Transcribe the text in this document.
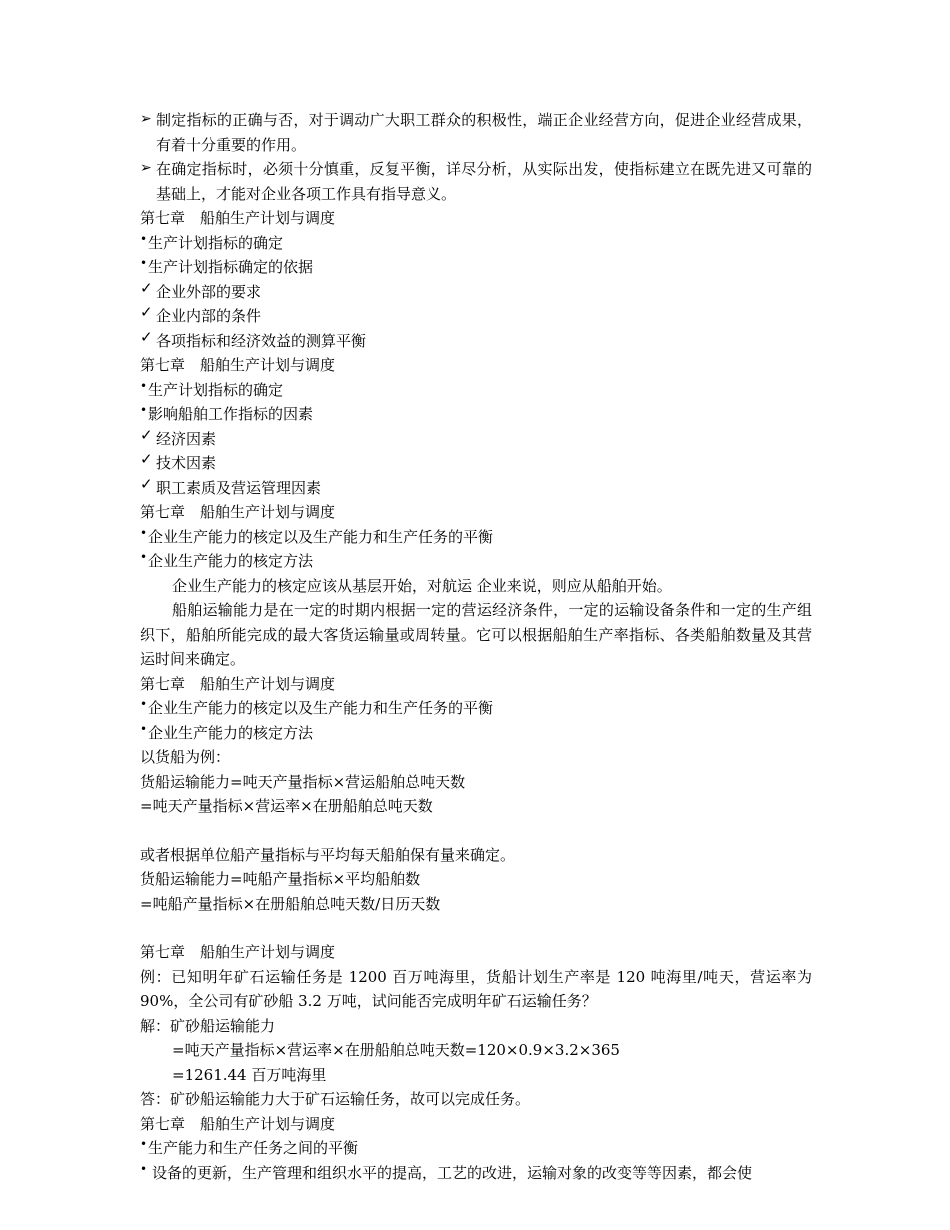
➢ 制定指标的正确与否，对于调动广大职工群众的积极性，端正企业经营方向，促进企业经营成果，有着十分重要的作用。
➢ 在确定指标时，必须十分慎重，反复平衡，详尽分析，从实际出发，使指标建立在既先进又可靠的基础上，才能对企业各项工作具有指导意义。
第七章　船舶生产计划与调度
• 生产计划指标的确定
• 生产计划指标确定的依据
✓ 企业外部的要求
✓ 企业内部的条件
✓ 各项指标和经济效益的测算平衡
第七章　船舶生产计划与调度
• 生产计划指标的确定
• 影响船舶工作指标的因素
✓ 经济因素
✓ 技术因素
✓ 职工素质及营运管理因素
第七章　船舶生产计划与调度
• 企业生产能力的核定以及生产能力和生产任务的平衡
• 企业生产能力的核定方法
企业生产能力的核定应该从基层开始，对航运 企业来说，则应从船舶开始。
船舶运输能力是在一定的时期内根据一定的营运经济条件，一定的运输设备条件和一定的生产组织下，船舶所能完成的最大客货运输量或周转量。它可以根据船舶生产率指标、各类船舶数量及其营运时间来确定。
第七章　船舶生产计划与调度
• 企业生产能力的核定以及生产能力和生产任务的平衡
• 企业生产能力的核定方法
以货船为例：
货船运输能力=吨天产量指标×营运船舶总吨天数
=吨天产量指标×营运率×在册船舶总吨天数
或者根据单位船产量指标与平均每天船舶保有量来确定。
货船运输能力=吨船产量指标×平均船舶数
=吨船产量指标×在册船舶总吨天数/日历天数
第七章　船舶生产计划与调度
例：已知明年矿石运输任务是 1200 百万吨海里，货船计划生产率是 120 吨海里/吨天，营运率为 90%，全公司有矿砂船 3.2 万吨，试问能否完成明年矿石运输任务？
解：矿砂船运输能力
=吨天产量指标×营运率×在册船舶总吨天数=120×0.9×3.2×365
=1261.44 百万吨海里
答：矿砂船运输能力大于矿石运输任务，故可以完成任务。
第七章　船舶生产计划与调度
• 生产能力和生产任务之间的平衡
• 设备的更新，生产管理和组织水平的提高，工艺的改进，运输对象的改变等等因素，都会使
